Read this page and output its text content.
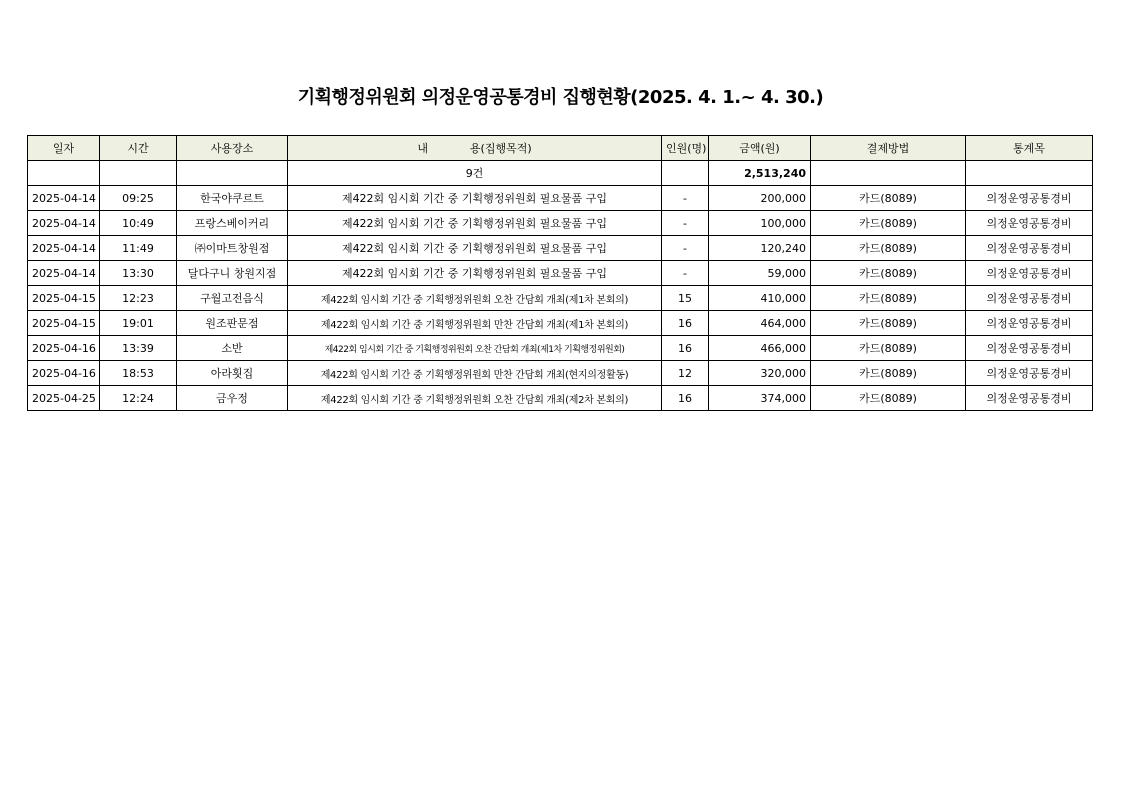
기획행정위원회 의정운영공통경비 집행현황(2025. 4. 1.~ 4. 30.)
일자	시간	사용장소	내            용(집행목적)	인원(명)	금액(원)	결제방법	통계목
			9건		2,513,240		
2025-04-14	09:25	한국야쿠르트	제422회 임시회 기간 중 기획행정위원회 필요물품 구입	-	200,000	카드(8089)	의정운영공통경비
2025-04-14	10:49	프랑스베이커리	제422회 임시회 기간 중 기획행정위원회 필요물품 구입	-	100,000	카드(8089)	의정운영공통경비
2025-04-14	11:49	㈜이마트창원점	제422회 임시회 기간 중 기획행정위원회 필요물품 구입	-	120,240	카드(8089)	의정운영공통경비
2025-04-14	13:30	달다구니 창원지점	제422회 임시회 기간 중 기획행정위원회 필요물품 구입	-	59,000	카드(8089)	의정운영공통경비
2025-04-15	12:23	구월고전음식	제422회 임시회 기간 중 기획행정위원회 오찬 간담회 개최(제1차 본회의)	15	410,000	카드(8089)	의정운영공통경비
2025-04-15	19:01	원조판문점	제422회 임시회 기간 중 기획행정위원회 만찬 간담회 개최(제1차 본회의)	16	464,000	카드(8089)	의정운영공통경비
2025-04-16	13:39	소반	제422회 임시회 기간 중 기획행정위원회 오찬 간담회 개최(제1차 기획행정위원회)	16	466,000	카드(8089)	의정운영공통경비
2025-04-16	18:53	아라횟집	제422회 임시회 기간 중 기획행정위원회 만찬 간담회 개최(현지의정활동)	12	320,000	카드(8089)	의정운영공통경비
2025-04-25	12:24	금우정	제422회 임시회 기간 중 기획행정위원회 오찬 간담회 개최(제2차 본회의)	16	374,000	카드(8089)	의정운영공통경비
